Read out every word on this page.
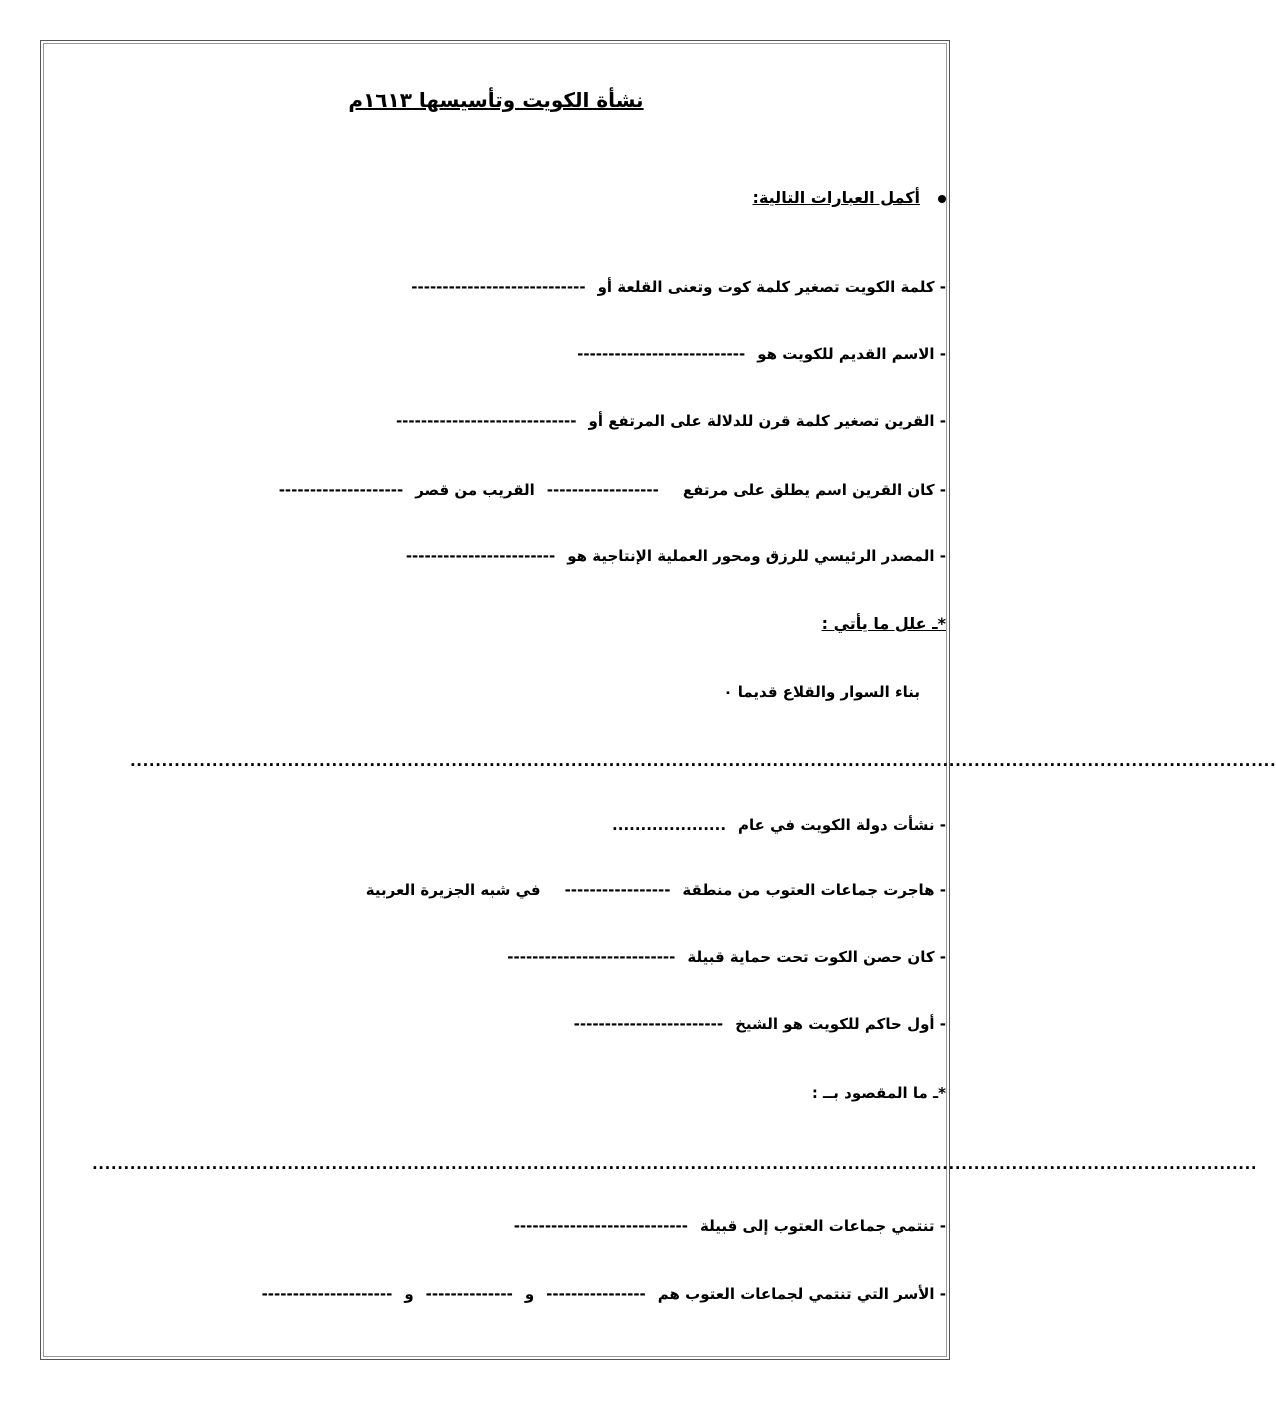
نشأة الكويت وتأسيسها ١٦١٣م
أكمل العبارات التالية:
- كلمة الكويت تصغير كلمة كوت وتعنى القلعة أو----------------------------
- الاسم القديم للكويت هو---------------------------
- القرين تصغير كلمة قرن للدلالة على المرتفع أو-----------------------------
- كان القرين اسم يطلق على مرتفع------------------القريب من قصر--------------------
- المصدر الرئيسي للرزق ومحور العملية الإنتاجية هو------------------------
*ـ علل ما يأتي :
بناء السوار والقلاع قديما ٠
......................................................................................................................................................................................
- نشأت دولة الكويت في عام....................
- هاجرت جماعات العتوب من منطقة-----------------في شبه الجزيرة العربية
- كان حصن الكوت تحت حماية قبيلة---------------------------
- أول حاكم للكويت هو الشيخ------------------------
*ـ ما المقصود بــ :
.........................................................................................................................................................................................
- تنتمي جماعات العتوب إلى قبيلة----------------------------
- الأسر التي تنتمي لجماعات العتوب هم----------------و--------------و---------------------
